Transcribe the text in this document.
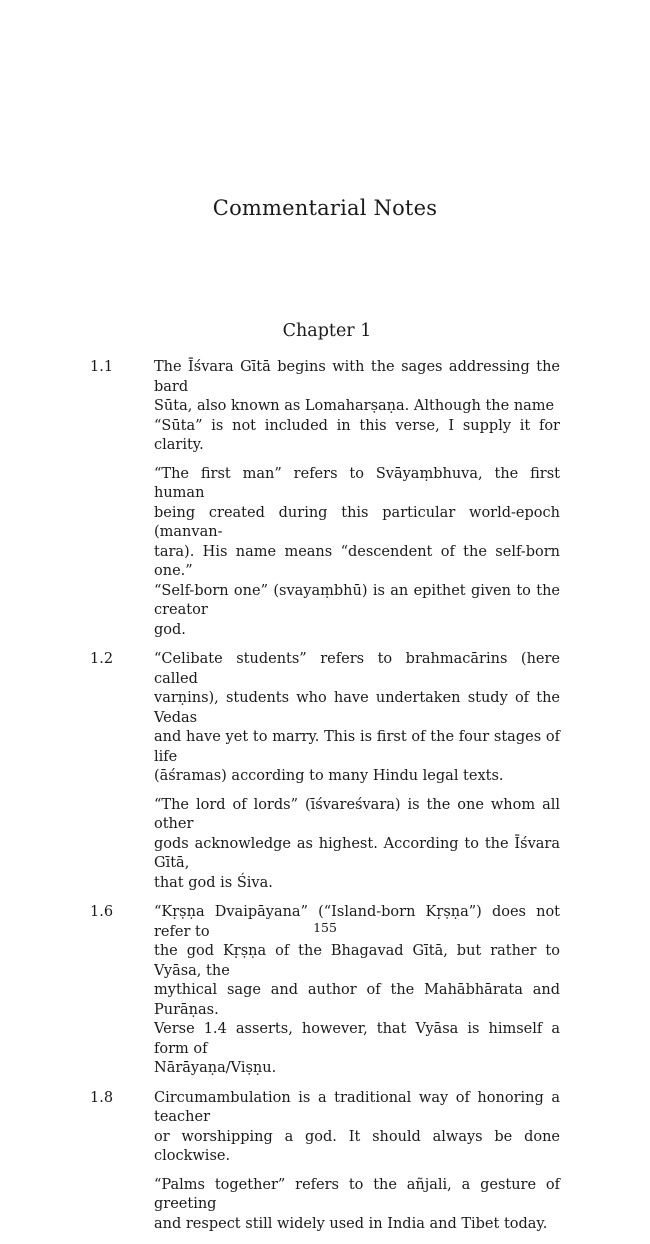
Commentarial Notes
Chapter 1
1.1	The Īśvara Gītā begins with the sages addressing the bard
Sūta, also known as Lomaharṣaṇa. Although the name
“Sūta” is not included in this verse, I supply it for clarity.
“The first man” refers to Svāyaṃbhuva, the first human
being created during this particular world-epoch (manvan-
tara). His name means “descendent of the self-born one.”
“Self-born one” (svayaṃbhū) is an epithet given to the creator
god.
1.2	“Celibate students” refers to brahmacārins (here called
varṇins), students who have undertaken study of the Vedas
and have yet to marry. This is first of the four stages of life
(āśramas) according to many Hindu legal texts.
“The lord of lords” (īśvareśvara) is the one whom all other
gods acknowledge as highest. According to the Īśvara Gītā,
that god is Śiva.
1.6	“Kṛṣṇa Dvaipāyana” (“Island-born Kṛṣṇa”) does not refer to
the god Kṛṣṇa of the Bhagavad Gītā, but rather to Vyāsa, the
mythical sage and author of the Mahābhārata and Purāṇas.
Verse 1.4 asserts, however, that Vyāsa is himself a form of
Nārāyaṇa/Viṣṇu.
1.8	Circumambulation is a traditional way of honoring a teacher
or worshipping a god. It should always be done clockwise.
“Palms together” refers to the añjali, a gesture of greeting
and respect still widely used in India and Tibet today.
155
